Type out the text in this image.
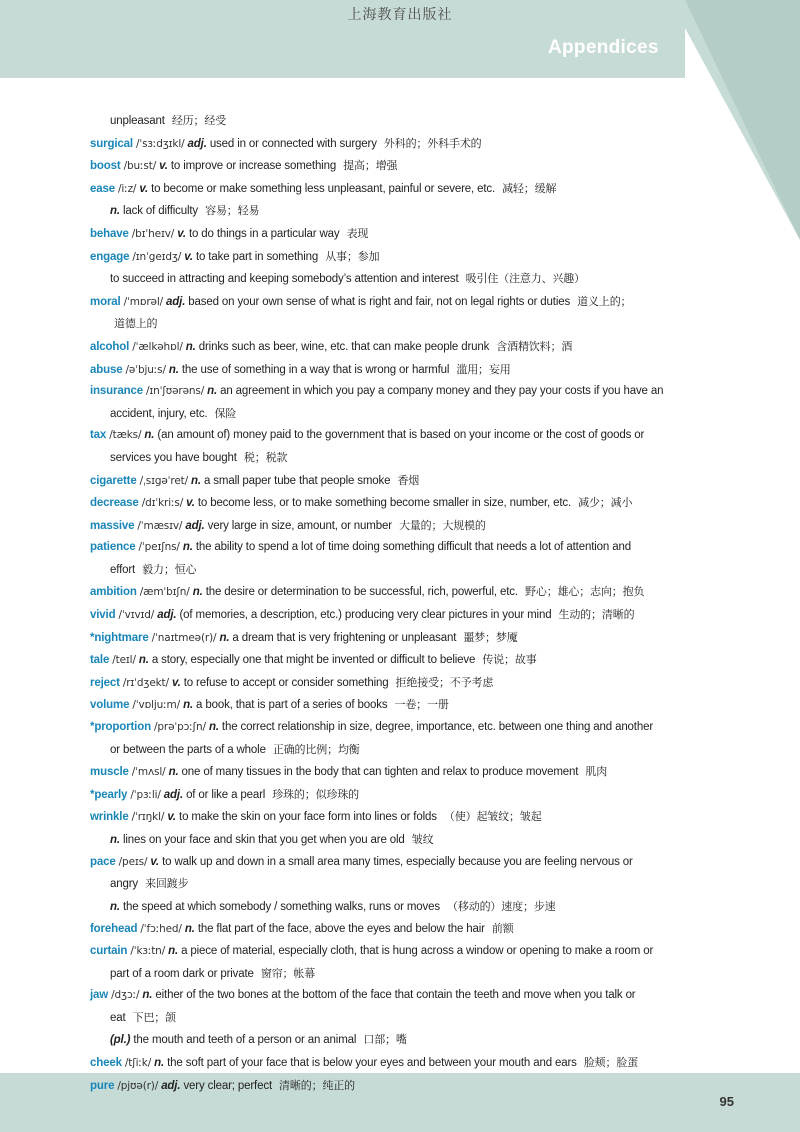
上海教育出版社
Appendices
unpleasant 经历；经受
surgical /ˈsɜːdʒɪkl/ adj. used in or connected with surgery 外科的；外科手术的
boost /buːst/ v. to improve or increase something 提高；增强
ease /iːz/ v. to become or make something less unpleasant, painful or severe, etc. 减轻；缓解
n. lack of difficulty 容易；轻易
behave /bɪˈheɪv/ v. to do things in a particular way 表现
engage /ɪnˈgeɪdʒ/ v. to take part in something 从事；参加
to succeed in attracting and keeping somebody’s attention and interest 吸引住（注意力、兴趣）
moral /ˈmɒrəl/ adj. based on your own sense of what is right and fair, not on legal rights or duties 道义上的；
道德上的
alcohol /ˈælkəhɒl/ n. drinks such as beer, wine, etc. that can make people drunk 含酒精饮料；酒
abuse /əˈbjuːs/ n. the use of something in a way that is wrong or harmful 滥用；妄用
insurance /ɪnˈʃʊərəns/ n. an agreement in which you pay a company money and they pay your costs if you have an
accident, injury, etc. 保险
tax /tæks/ n. (an amount of) money paid to the government that is based on your income or the cost of goods or
services you have bought 税；税款
cigarette /ˌsɪgəˈret/ n. a small paper tube that people smoke 香烟
decrease /dɪˈkriːs/ v. to become less, or to make something become smaller in size, number, etc. 减少；减小
massive /ˈmæsɪv/ adj. very large in size, amount, or number 大量的；大规模的
patience /ˈpeɪʃns/ n. the ability to spend a lot of time doing something difficult that needs a lot of attention and
effort 毅力；恒心
ambition /æmˈbɪʃn/ n. the desire or determination to be successful, rich, powerful, etc. 野心；雄心；志向；抱负
vivid /ˈvɪvɪd/ adj. (of memories, a description, etc.) producing very clear pictures in your mind 生动的；清晰的
*nightmare /ˈnaɪtmeə(r)/ n. a dream that is very frightening or unpleasant 噩梦；梦魇
tale /teɪl/ n. a story, especially one that might be invented or difficult to believe 传说；故事
reject /rɪˈdʒekt/ v. to refuse to accept or consider something 拒绝接受；不予考虑
volume /ˈvɒljuːm/ n. a book, that is part of a series of books 一卷；一册
*proportion /prəˈpɔːʃn/ n. the correct relationship in size, degree, importance, etc. between one thing and another
or between the parts of a whole 正确的比例；均衡
muscle /ˈmʌsl/ n. one of many tissues in the body that can tighten and relax to produce movement 肌肉
*pearly /ˈpɜːli/ adj. of or like a pearl 珍珠的；似珍珠的
wrinkle /ˈrɪŋkl/ v. to make the skin on your face form into lines or folds （使）起皱纹；皱起
n. lines on your face and skin that you get when you are old 皱纹
pace /peɪs/ v. to walk up and down in a small area many times, especially because you are feeling nervous or
angry 来回踱步
n. the speed at which somebody / something walks, runs or moves （移动的）速度；步速
forehead /ˈfɔːhed/ n. the flat part of the face, above the eyes and below the hair 前额
curtain /ˈkɜːtn/ n. a piece of material, especially cloth, that is hung across a window or opening to make a room or
part of a room dark or private 窗帘；帐幕
jaw /dʒɔː/ n. either of the two bones at the bottom of the face that contain the teeth and move when you talk or
eat 下巴；颌
(pl.) the mouth and teeth of a person or an animal 口部；嘴
cheek /tʃiːk/ n. the soft part of your face that is below your eyes and between your mouth and ears 脸颊；脸蛋
pure /pjʊə(r)/ adj. very clear; perfect 清晰的；纯正的
95
